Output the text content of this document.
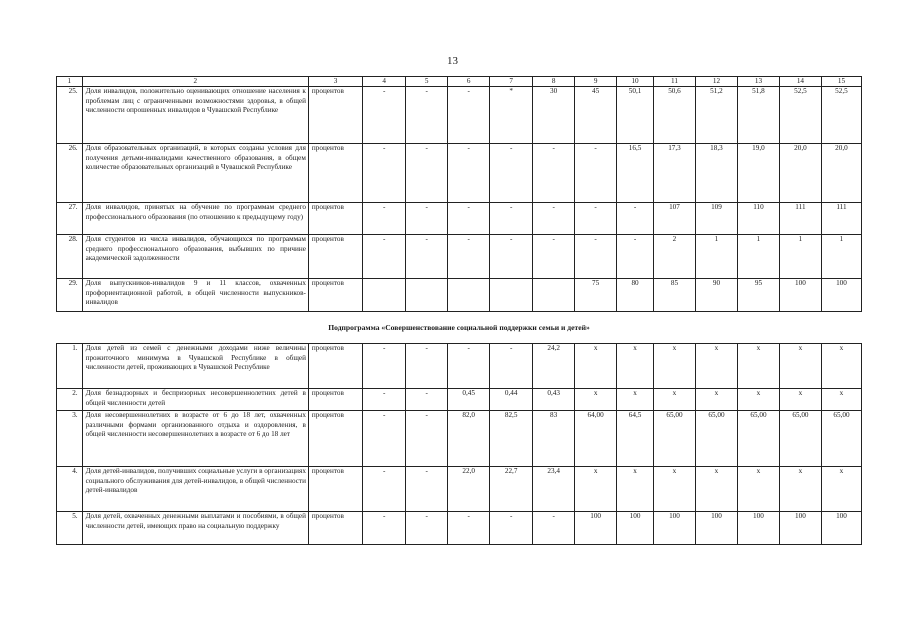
13
1	2	3	4	5	6	7	8	9	10	11	12	13	14	15
25.	Доля инвалидов, положительно оценивающих отношение населения к проблемам лиц с ограниченными возможностями здоровья, в общей численности опрошенных инвалидов в Чувашской Республике	процентов	-	-	-	*	30	45	50,1	50,6	51,2	51,8	52,5	52,5
26.	Доля образовательных организаций, в которых созданы условия для получения детьми-инвалидами качественного образования, в общем количестве образовательных организаций в Чувашской Республике	процентов	-	-	-	-	-	-	16,5	17,3	18,3	19,0	20,0	20,0
27.	Доля инвалидов, принятых на обучение по программам среднего профессионального образования (по отношению к предыдущему году)	процентов	-	-	-	-	-	-	-	107	109	110	111	111
28.	Доля студентов из числа инвалидов, обучающихся по программам среднего профессионального образования, выбывших по причине академической задолженности	процентов	-	-	-	-	-	-	-	2	1	1	1	1
29.	Доля выпускников-инвалидов 9 и 11 классов, охваченных профориентационной работой, в общей численности выпускников-инвалидов	процентов						75	80	85	90	95	100	100
Подпрограмма «Совершенствование социальной поддержки семьи и детей»														
1.	Доля детей из семей с денежными доходами ниже величины прожиточного минимума в Чувашской Республике в общей численности детей, проживающих в Чувашской Республике	процентов	-	-	-	-	24,2	x	x	x	x	x	x	x
2.	Доля безнадзорных и беспризорных несовершеннолетних детей в общей численности детей	процентов	-	-	0,45	0,44	0,43	x	x	x	x	x	x	x
3.	Доля несовершеннолетних в возрасте от 6 до 18 лет, охваченных различными формами организованного отдыха и оздоровления, в общей численности несовершеннолетних в возрасте от 6 до 18 лет	процентов	-	-	82,0	82,5	83	64,00	64,5	65,00	65,00	65,00	65,00	65,00
4.	Доля детей-инвалидов, получивших социальные услуги в организациях социального обслуживания для детей-инвалидов, в общей численности детей-инвалидов	процентов	-	-	22,0	22,7	23,4	x	x	x	x	x	x	x
5.	Доля детей, охваченных денежными выплатами и пособиями, в общей численности детей, имеющих право на социальную поддержку	процентов	-	-	-	-	-	100	100	100	100	100	100	100
